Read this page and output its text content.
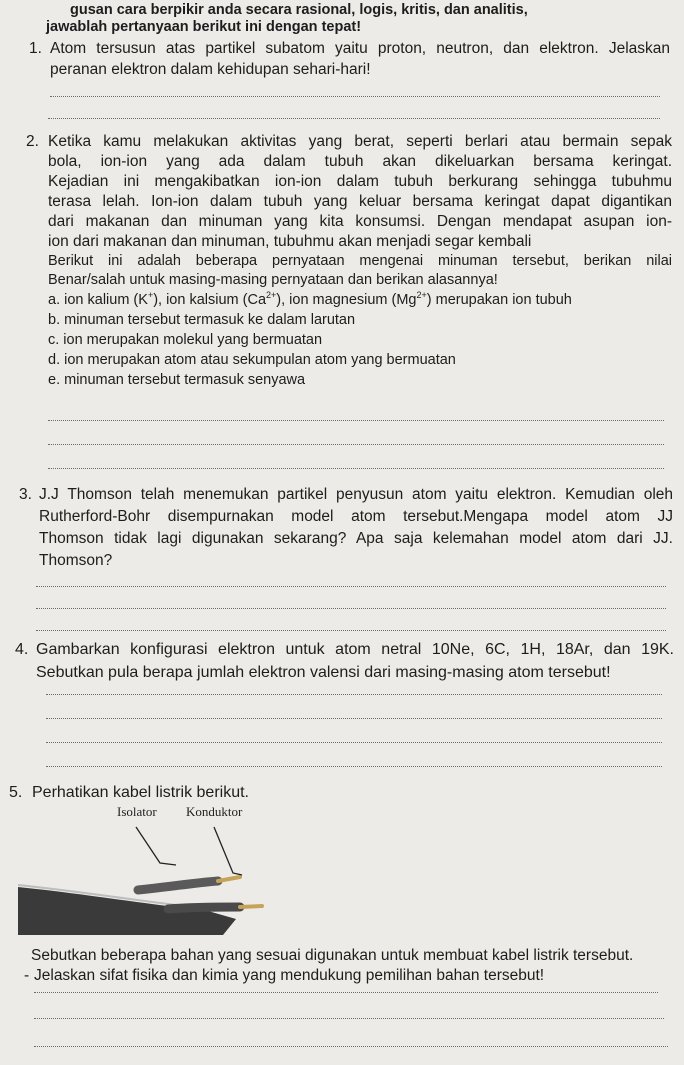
gusan cara berpikir anda secara rasional, logis, kritis, dan analitis,
jawablah pertanyaan berikut ini dengan tepat!
1. Atom tersusun atas partikel subatom yaitu proton, neutron, dan elektron. Jelaskan
peranan elektron dalam kehidupan sehari-hari!
2. Ketika kamu melakukan aktivitas yang berat, seperti berlari atau bermain sepak
bola, ion-ion yang ada dalam tubuh akan dikeluarkan bersama keringat.
Kejadian ini mengakibatkan ion-ion dalam tubuh berkurang sehingga tubuhmu
terasa lelah. Ion-ion dalam tubuh yang keluar bersama keringat dapat digantikan
dari makanan dan minuman yang kita konsumsi. Dengan mendapat asupan ion-
ion dari makanan dan minuman, tubuhmu akan menjadi segar kembali
Berikut ini adalah beberapa pernyataan mengenai minuman tersebut, berikan nilai
Benar/salah untuk masing-masing pernyataan dan berikan alasannya!
a. ion kalium (K+), ion kalsium $(Ca^{2+})$, ion magnesium $(Mg^{2+})$ merupakan ion tubuh
b. minuman tersebut termasuk ke dalam larutan
c. ion merupakan molekul yang bermuatan
d. ion merupakan atom atau sekumpulan atom yang bermuatan
e. minuman tersebut termasuk senyawa
3. J.J Thomson telah menemukan partikel penyusun atom yaitu elektron. Kemudian oleh
Rutherford-Bohr disempurnakan model atom tersebut.Mengapa model atom JJ
Thomson tidak lagi digunakan sekarang? Apa saja kelemahan model atom dari JJ.
Thomson?
4. Gambarkan konfigurasi elektron untuk atom netral 10Ne, 6C, 1H, 18Ar, dan 19K.
Sebutkan pula berapa jumlah elektron valensi dari masing-masing atom tersebut!
5. Perhatikan kabel listrik berikut.
Isolator Konduktor
Sebutkan beberapa bahan yang sesuai digunakan untuk membuat kabel listrik tersebut.
- Jelaskan sifat fisika dan kimia yang mendukung pemilihan bahan tersebut!
